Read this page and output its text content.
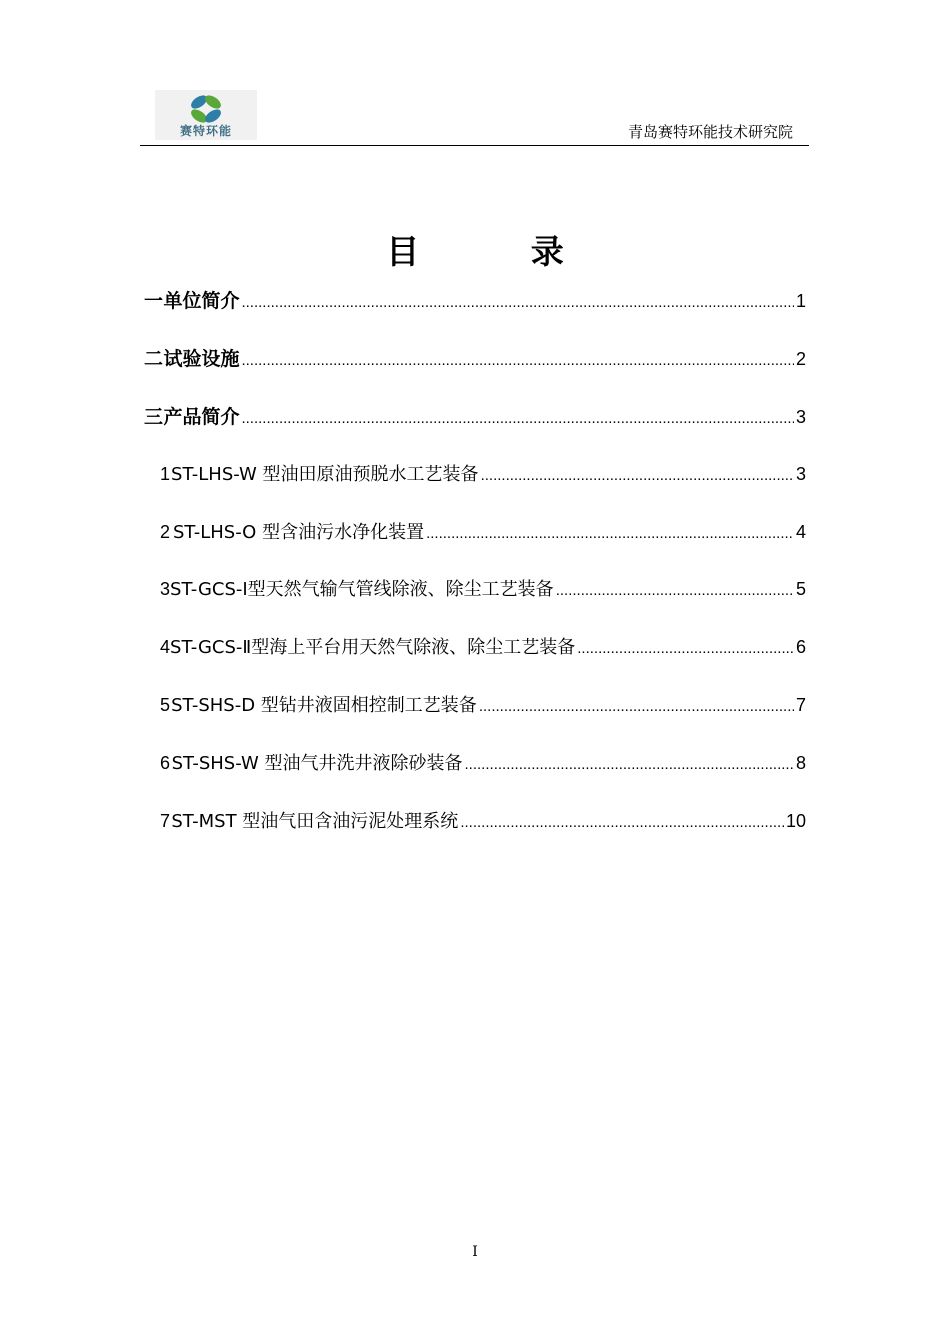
赛特环能	青岛赛特环能技术研究院
目 录
一 单位简介 .....	1
二 试验设施 .....	2
三 产品简介 .....	3
1 ST-LHS-W 型油田原油预脱水工艺装备 .....	3
2 ST-LHS-O 型含油污水净化装置 .....	4
3 ST-GCS-Ⅰ型天然气输气管线除液、除尘工艺装备 .....	5
4 ST-GCS-Ⅱ型海上平台用天然气除液、除尘工艺装备 .....	6
5 ST-SHS-D 型钻井液固相控制工艺装备 .....	7
6 ST-SHS-W 型油气井洗井液除砂装备 .....	8
7 ST-MST 型油气田含油污泥处理系统 .....	10
I
